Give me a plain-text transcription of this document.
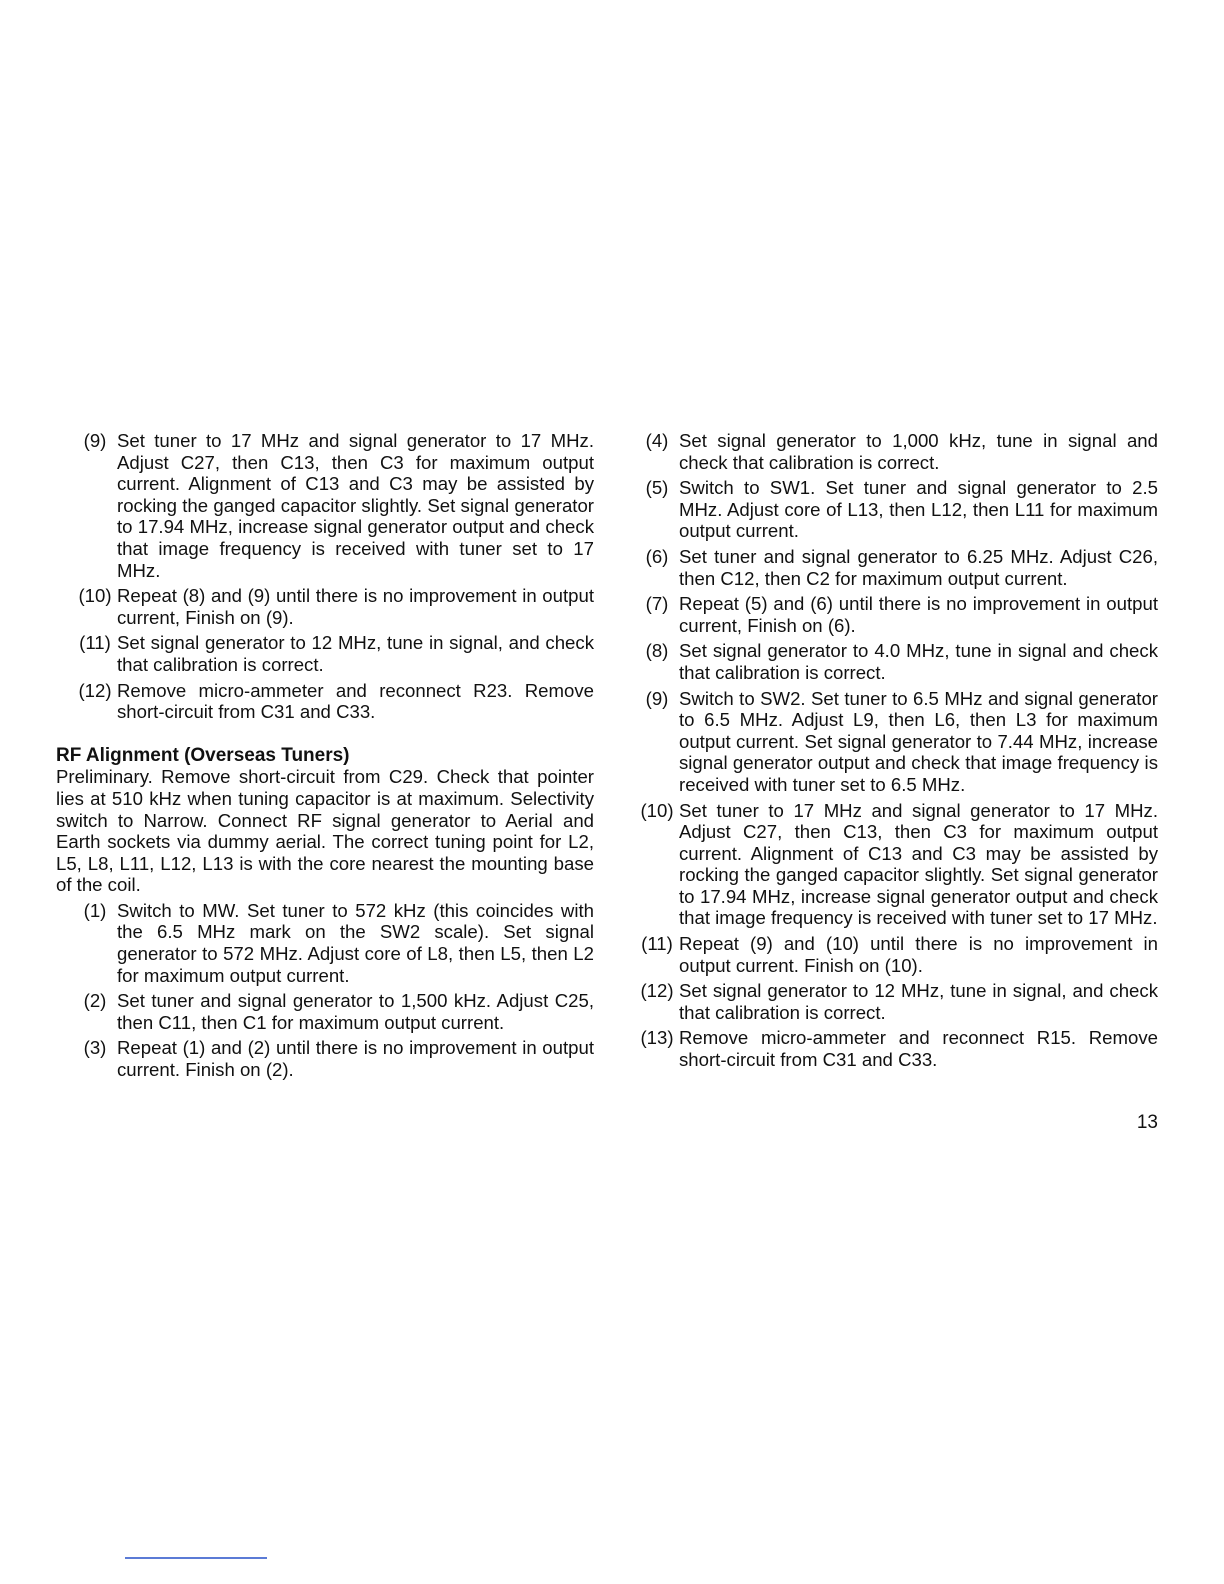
(9) Set tuner to 17 MHz and signal generator to 17 MHz. Adjust C27, then C13, then C3 for maximum output current. Alignment of C13 and C3 may be assisted by rocking the ganged capacitor slightly. Set signal generator to 17.94 MHz, increase signal generator output and check that image frequency is received with tuner set to 17 MHz.
(10) Repeat (8) and (9) until there is no improvement in output current, Finish on (9).
(11) Set signal generator to 12 MHz, tune in signal, and check that calibration is correct.
(12) Remove micro-ammeter and reconnect R23. Remove short-circuit from C31 and C33.
RF Alignment (Overseas Tuners)
Preliminary. Remove short-circuit from C29. Check that pointer lies at 510 kHz when tuning capacitor is at maximum. Selectivity switch to Narrow. Connect RF signal generator to Aerial and Earth sockets via dummy aerial. The correct tuning point for L2, L5, L8, L11, L12, L13 is with the core nearest the mounting base of the coil.
(1) Switch to MW. Set tuner to 572 kHz (this coincides with the 6.5 MHz mark on the SW2 scale). Set signal generator to 572 MHz. Adjust core of L8, then L5, then L2 for maximum output current.
(2) Set tuner and signal generator to 1,500 kHz. Adjust C25, then C11, then C1 for maximum output current.
(3) Repeat (1) and (2) until there is no improvement in output current. Finish on (2).
(4) Set signal generator to 1,000 kHz, tune in signal and check that calibration is correct.
(5) Switch to SW1. Set tuner and signal generator to 2.5 MHz. Adjust core of L13, then L12, then L11 for maximum output current.
(6) Set tuner and signal generator to 6.25 MHz. Adjust C26, then C12, then C2 for maximum output current.
(7) Repeat (5) and (6) until there is no improvement in output current, Finish on (6).
(8) Set signal generator to 4.0 MHz, tune in signal and check that calibration is correct.
(9) Switch to SW2. Set tuner to 6.5 MHz and signal generator to 6.5 MHz. Adjust L9, then L6, then L3 for maximum output current. Set signal generator to 7.44 MHz, increase signal generator output and check that image frequency is received with tuner set to 6.5 MHz.
(10) Set tuner to 17 MHz and signal generator to 17 MHz. Adjust C27, then C13, then C3 for maximum output current. Alignment of C13 and C3 may be assisted by rocking the ganged capacitor slightly. Set signal generator to 17.94 MHz, increase signal generator output and check that image frequency is received with tuner set to 17 MHz.
(11) Repeat (9) and (10) until there is no improvement in output current. Finish on (10).
(12) Set signal generator to 12 MHz, tune in signal, and check that calibration is correct.
(13) Remove micro-ammeter and reconnect R15. Remove short-circuit from C31 and C33.
13
